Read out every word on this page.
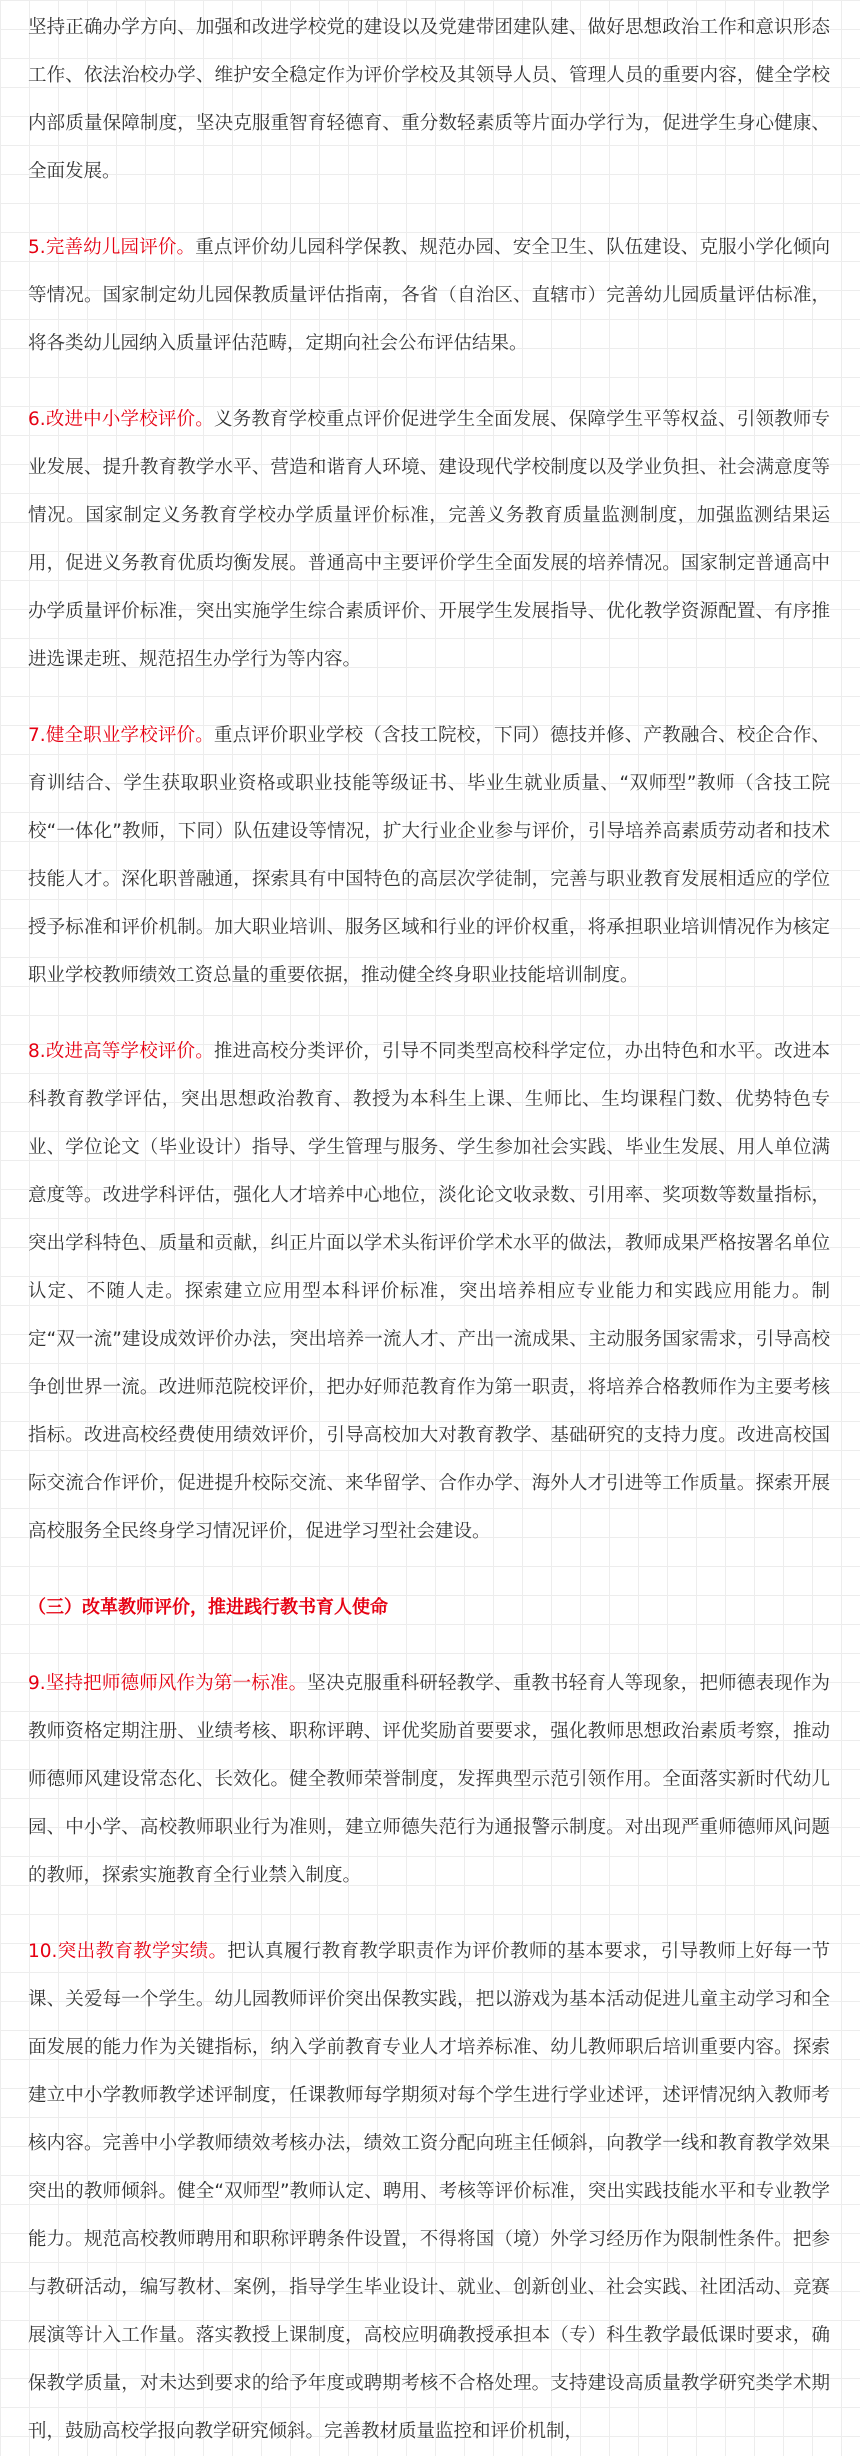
坚持正确办学方向、加强和改进学校党的建设以及党建带团建队建、做好思想政治工作和意识形态工作、依法治校办学、维护安全稳定作为评价学校及其领导人员、管理人员的重要内容，健全学校内部质量保障制度，坚决克服重智育轻德育、重分数轻素质等片面办学行为，促进学生身心健康、全面发展。

5.完善幼儿园评价。重点评价幼儿园科学保教、规范办园、安全卫生、队伍建设、克服小学化倾向等情况。国家制定幼儿园保教质量评估指南，各省（自治区、直辖市）完善幼儿园质量评估标准，将各类幼儿园纳入质量评估范畴，定期向社会公布评估结果。

6.改进中小学校评价。义务教育学校重点评价促进学生全面发展、保障学生平等权益、引领教师专业发展、提升教育教学水平、营造和谐育人环境、建设现代学校制度以及学业负担、社会满意度等情况。国家制定义务教育学校办学质量评价标准，完善义务教育质量监测制度，加强监测结果运用，促进义务教育优质均衡发展。普通高中主要评价学生全面发展的培养情况。国家制定普通高中办学质量评价标准，突出实施学生综合素质评价、开展学生发展指导、优化教学资源配置、有序推进选课走班、规范招生办学行为等内容。

7.健全职业学校评价。重点评价职业学校（含技工院校，下同）德技并修、产教融合、校企合作、育训结合、学生获取职业资格或职业技能等级证书、毕业生就业质量、“双师型”教师（含技工院校“一体化”教师，下同）队伍建设等情况，扩大行业企业参与评价，引导培养高素质劳动者和技术技能人才。深化职普融通，探索具有中国特色的高层次学徒制，完善与职业教育发展相适应的学位授予标准和评价机制。加大职业培训、服务区域和行业的评价权重，将承担职业培训情况作为核定职业学校教师绩效工资总量的重要依据，推动健全终身职业技能培训制度。

8.改进高等学校评价。推进高校分类评价，引导不同类型高校科学定位，办出特色和水平。改进本科教育教学评估，突出思想政治教育、教授为本科生上课、生师比、生均课程门数、优势特色专业、学位论文（毕业设计）指导、学生管理与服务、学生参加社会实践、毕业生发展、用人单位满意度等。改进学科评估，强化人才培养中心地位，淡化论文收录数、引用率、奖项数等数量指标，突出学科特色、质量和贡献，纠正片面以学术头衔评价学术水平的做法，教师成果严格按署名单位认定、不随人走。探索建立应用型本科评价标准，突出培养相应专业能力和实践应用能力。制定“双一流”建设成效评价办法，突出培养一流人才、产出一流成果、主动服务国家需求，引导高校争创世界一流。改进师范院校评价，把办好师范教育作为第一职责，将培养合格教师作为主要考核指标。改进高校经费使用绩效评价，引导高校加大对教育教学、基础研究的支持力度。改进高校国际交流合作评价，促进提升校际交流、来华留学、合作办学、海外人才引进等工作质量。探索开展高校服务全民终身学习情况评价，促进学习型社会建设。

（三）改革教师评价，推进践行教书育人使命

9.坚持把师德师风作为第一标准。坚决克服重科研轻教学、重教书轻育人等现象，把师德表现作为教师资格定期注册、业绩考核、职称评聘、评优奖励首要要求，强化教师思想政治素质考察，推动师德师风建设常态化、长效化。健全教师荣誉制度，发挥典型示范引领作用。全面落实新时代幼儿园、中小学、高校教师职业行为准则，建立师德失范行为通报警示制度。对出现严重师德师风问题的教师，探索实施教育全行业禁入制度。

10.突出教育教学实绩。把认真履行教育教学职责作为评价教师的基本要求，引导教师上好每一节课、关爱每一个学生。幼儿园教师评价突出保教实践，把以游戏为基本活动促进儿童主动学习和全面发展的能力作为关键指标，纳入学前教育专业人才培养标准、幼儿教师职后培训重要内容。探索建立中小学教师教学述评制度，任课教师每学期须对每个学生进行学业述评，述评情况纳入教师考核内容。完善中小学教师绩效考核办法，绩效工资分配向班主任倾斜，向教学一线和教育教学效果突出的教师倾斜。健全“双师型”教师认定、聘用、考核等评价标准，突出实践技能水平和专业教学能力。规范高校教师聘用和职称评聘条件设置，不得将国（境）外学习经历作为限制性条件。把参与教研活动，编写教材、案例，指导学生毕业设计、就业、创新创业、社会实践、社团活动、竞赛展演等计入工作量。落实教授上课制度，高校应明确教授承担本（专）科生教学最低课时要求，确保教学质量，对未达到要求的给予年度或聘期考核不合格处理。支持建设高质量教学研究类学术期刊，鼓励高校学报向教学研究倾斜。完善教材质量监控和评价机制，
